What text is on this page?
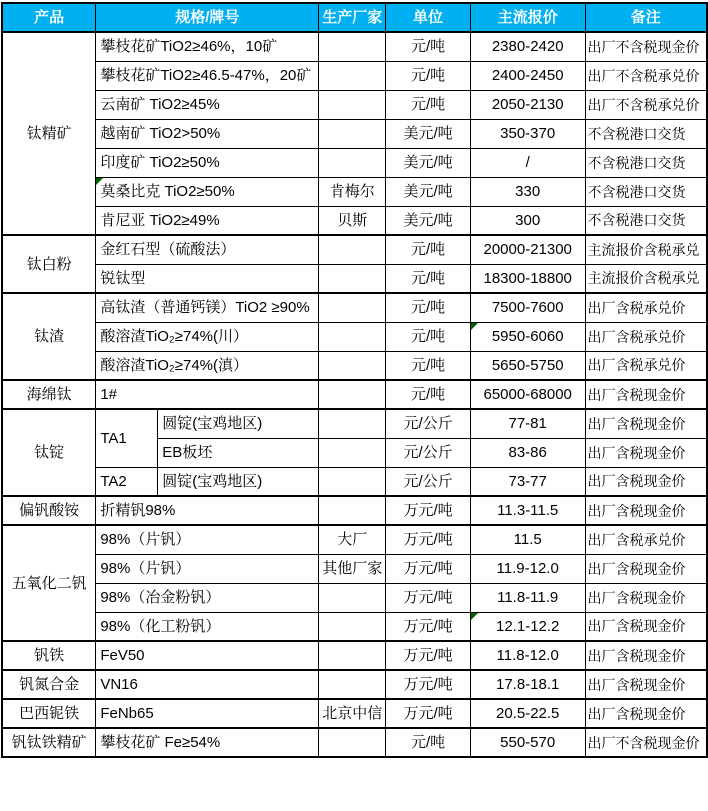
产品	规格/牌号		生产厂家	单位	主流报价	备注
钛精矿	攀枝花矿TiO2≥46%，10矿			元/吨	2380-2420	出厂不含税现金价
	攀枝花矿TiO2≥46.5-47%，20矿			元/吨	2400-2450	出厂不含税承兑价
	云南矿 TiO2≥45%			元/吨	2050-2130	出厂不含税承兑价
	越南矿 TiO2>50%			美元/吨	350-370	不含税港口交货
	印度矿 TiO2≥50%			美元/吨	/	不含税港口交货
	莫桑比克 TiO2≥50%		肯梅尔	美元/吨	330	不含税港口交货
	肯尼亚 TiO2≥49%		贝斯	美元/吨	300	不含税港口交货
钛白粉	金红石型（硫酸法）			元/吨	20000-21300	主流报价含税承兑
	锐钛型			元/吨	18300-18800	主流报价含税承兑
钛渣	高钛渣（普通钙镁）TiO2 ≥90%			元/吨	7500-7600	出厂含税承兑价
	酸溶渣TiO₂≥74%(川）			元/吨	5950-6060	出厂含税承兑价
	酸溶渣TiO₂≥74%(滇）			元/吨	5650-5750	出厂含税承兑价
海绵钛	1#			元/吨	65000-68000	出厂含税现金价
钛锭	TA1	圆锭(宝鸡地区)		元/公斤	77-81	出厂含税现金价
		EB板坯		元/公斤	83-86	出厂含税现金价
	TA2	圆锭(宝鸡地区)		元/公斤	73-77	出厂含税现金价
偏钒酸铵	折精钒98%			万元/吨	11.3-11.5	出厂含税现金价
五氧化二钒	98%（片钒）		大厂	万元/吨	11.5	出厂含税承兑价
	98%（片钒）		其他厂家	万元/吨	11.9-12.0	出厂含税现金价
	98%（冶金粉钒）			万元/吨	11.8-11.9	出厂含税现金价
	98%（化工粉钒）			万元/吨	12.1-12.2	出厂含税现金价
钒铁	FeV50			万元/吨	11.8-12.0	出厂含税现金价
钒氮合金	VN16			万元/吨	17.8-18.1	出厂含税现金价
巴西铌铁	FeNb65		北京中信	万元/吨	20.5-22.5	出厂含税现金价
钒钛铁精矿	攀枝花矿 Fe≥54%			元/吨	550-570	出厂不含税现金价
